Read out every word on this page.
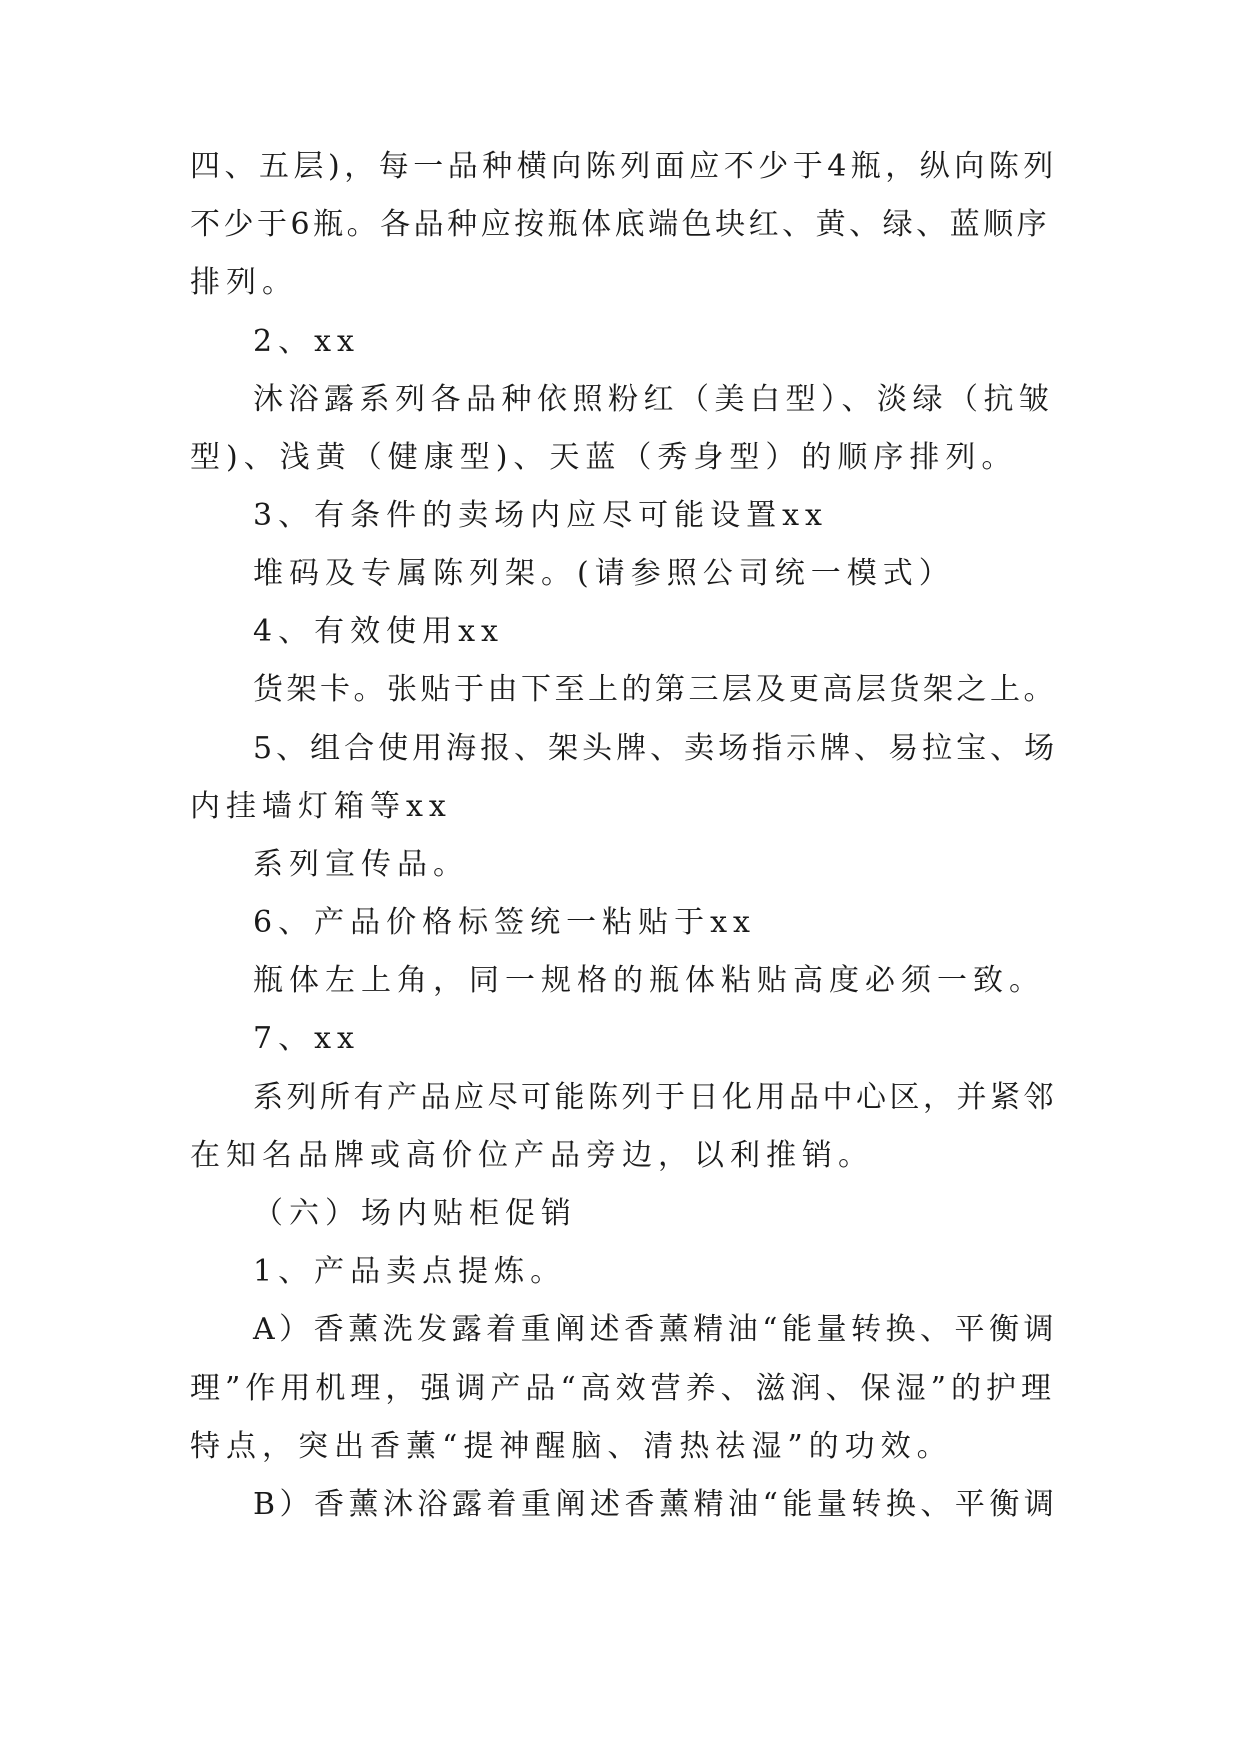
四、五层)，每一品种横向陈列面应不少于4瓶，纵向陈列
不少于6瓶。各品种应按瓶体底端色块红、黄、绿、蓝顺序
排列。
2、xx
沐浴露系列各品种依照粉红（美白型）、淡绿（抗皱
型)、浅黄（健康型)、天蓝（秀身型）的顺序排列。
3、有条件的卖场内应尽可能设置xx
堆码及专属陈列架。(请参照公司统一模式）
4、有效使用xx
货架卡。张贴于由下至上的第三层及更高层货架之上。
5、组合使用海报、架头牌、卖场指示牌、易拉宝、场
内挂墙灯箱等xx
系列宣传品。
6、产品价格标签统一粘贴于xx
瓶体左上角，同一规格的瓶体粘贴高度必须一致。
7、xx
系列所有产品应尽可能陈列于日化用品中心区，并紧邻
在知名品牌或高价位产品旁边，以利推销。
（六）场内贴柜促销
1、产品卖点提炼。
A）香薰洗发露着重阐述香薰精油“能量转换、平衡调
理”作用机理，强调产品“高效营养、滋润、保湿”的护理
特点，突出香薰“提神醒脑、清热祛湿”的功效。
B）香薰沐浴露着重阐述香薰精油“能量转换、平衡调
